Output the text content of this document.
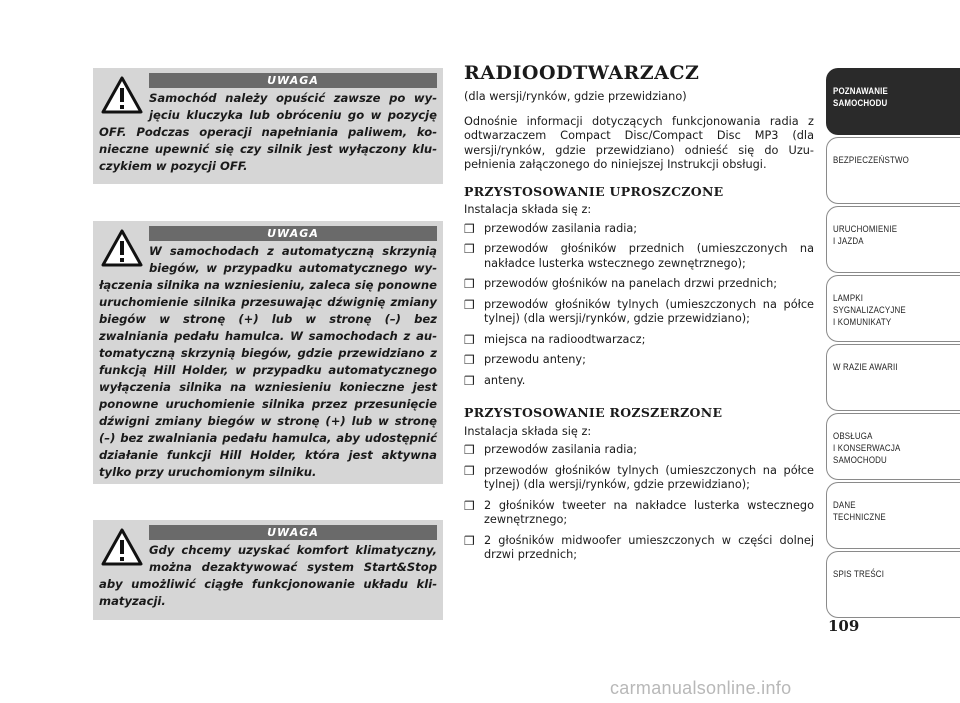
UWAGA
Samochód należy opuścić zawsze po wyjęciu kluczyka lub obróceniu go w pozycję OFF. Podczas operacji napełniania paliwem, konieczne upewnić się czy silnik jest wyłączony kluczykiem w pozycji OFF.
UWAGA
W samochodach z automatyczną skrzynią biegów, w przypadku automatycznego wyłączenia silnika na wzniesieniu, zaleca się ponowne uruchomienie silnika przesuwając dźwignię zmiany biegów w stronę (+) lub w stronę (–) bez zwalniania pedału hamulca. W samochodach z automatyczną skrzynią biegów, gdzie przewidziano z funkcją Hill Holder, w przypadku automatycznego wyłączenia silnika na wzniesieniu konieczne jest ponowne uruchomienie silnika przez przesunięcie dźwigni zmiany biegów w stronę (+) lub w stronę (–) bez zwalniania pedału hamulca, aby udostępnić działanie funkcji Hill Holder, która jest aktywna tylko przy uruchomionym silniku.
UWAGA
Gdy chcemy uzyskać komfort klimatyczny, można dezaktywować system Start&Stop aby umożliwić ciągłe funkcjonowanie układu klimatyzacji.
RADIOODTWARZACZ

(dla wersji/rynków, gdzie przewidziano)

Odnośnie informacji dotyczących funkcjonowania radia z odtwarzaczem Compact Disc/Compact Disc MP3 (dla wersji/rynków, gdzie przewidziano) odnieść się do Uzupełnienia załączonego do niniejszej Instrukcji obsługi.

PRZYSTOSOWANIE UPROSZCZONE
Instalacja składa się z:
❒ przewodów zasilania radia;
❒ przewodów głośników przednich (umieszczonych na nakładce lusterka wstecznego zewnętrznego);
❒ przewodów głośników na panelach drzwi przednich;
❒ przewodów głośników tylnych (umieszczonych na półce tylnej) (dla wersji/rynków, gdzie przewidziano);
❒ miejsca na radioodtwarzacz;
❒ przewodu anteny;
❒ anteny.
PRZYSTOSOWANIE ROZSZERZONE
Instalacja składa się z:
❒ przewodów zasilania radia;
❒ przewodów głośników tylnych (umieszczonych na półce tylnej) (dla wersji/rynków, gdzie przewidziano);
❒ 2 głośników tweeter na nakładce lusterka wstecznego zewnętrznego;
❒ 2 głośników midwoofer umieszczonych w części dolnej drzwi przednich;
POZNAWANIE
SAMOCHODU
BEZPIECZEŃSTWO
URUCHOMIENIE
I JAZDA
LAMPKI
SYGNALIZACYJNE
I KOMUNIKATY
W RAZIE AWARII
OBSŁUGA
I KONSERWACJA
SAMOCHODU
DANE
TECHNICZNE
SPIS TREŚCI
109
carmanualsonline.info
